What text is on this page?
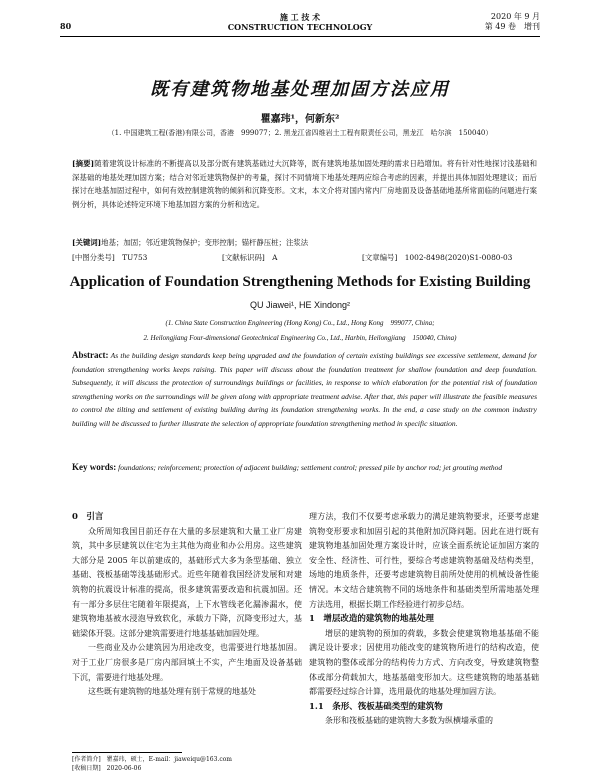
80
施 工 技 术
CONSTRUCTION TECHNOLOGY
2020 年 9 月
第 49 卷　增刊
既有建筑物地基处理加固方法应用
瞿嘉玮¹，何新东²
（1. 中国建筑工程(香港)有限公司，香港　999077；2. 黑龙江省四维岩土工程有限责任公司，黑龙江　哈尔滨　150040）
[摘要]随着建筑设计标准的不断提高以及部分既有建筑基础过大沉降等，既有建筑地基加固处理的需求日趋增加。将有针对性地探讨浅基础和深基础的地基处理加固方案；结合对邻近建筑物保护的考量，探讨不同情境下地基处理两应综合考虑的因素，并提出具体加固处理建议；而后探讨在地基加固过程中，如何有效控制建筑物的倾斜和沉降变形。文末，本文介将对国内常内厂房地面及设备基础地基所常面临的问题进行案例分析，具体论述特定环境下地基加固方案的分析和选定。
[关键词]地基；加固；邻近建筑物保护；变形控制；锚杆静压桩；注浆法
[中图分类号]　TU753	[文献标识码]　A	[文章编号]　1002-8498(2020)S1-0080-03
Application of Foundation Strengthening Methods for Existing Building
QU Jiawei¹, HE Xindong²
(1. China State Construction Engineering (Hong Kong) Co., Ltd., Hong Kong　999077, China;
2. Heilongjiang Four-dimensional Geotechnical Engineering Co., Ltd., Harbin, Heilongjiang　150040, China)
Abstract: As the building design standards keep being upgraded and the foundation of certain existing buildings see excessive settlement, demand for foundation strengthening works keeps raising. This paper will discuss about the foundation treatment for shallow foundation and deep foundation. Subsequently, it will discuss the protection of surroundings buildings or facilities, in response to which elaboration for the potential risk of foundation strengthening works on the surroundings will be given along with appropriate treatment advise. After that, this paper will illustrate the feasible measures to control the tilting and settlement of existing building during its foundation strengthening works. In the end, a case study on the common industry building will be discussed to further illustrate the selection of appropriate foundation strengthening method in specific situation.
Key words: foundations; reinforcement; protection of adjacent building; settlement control; pressed pile by anchor rod; jet grouting method

0　引言

众所周知我国目前还存在大量的多层建筑和大量工业厂房建筑，其中多层建筑以住宅为主其他为商业和办公用房。这些建筑大部分是 2005 年以前建成的，基础形式大多为条型基础、独立基础、筏板基础等浅基础形式。近些年随着我国经济发展和对建筑物的抗震设计标准的提高，很多建筑需要改造和抗震加固。还有一部分多层住宅随着年限提高，上下水管线老化漏渗漏水，使建筑物地基被水浸泡导致软化，承载力下降，沉降变形过大，基础梁体开裂。这部分建筑需要进行地基基础加固处理。

一些商业及办公建筑因为用途改变，也需要进行地基加固。对于工业厂房很多是厂房内部回填土不实，产生地面及设备基础下沉，需要进行地基处理。

这些既有建筑物的地基处理有别于常规的地基处

理方法，我们不仅要考虑承载力的满足建筑物要求，还要考虑建筑物变形要求和加固引起的其他附加沉降问题。因此在进行既有建筑物地基加固处理方案设计时，应该全面系统论证加固方案的安全性、经济性、可行性，要综合考虑建筑物基础及结构类型，场地的地质条件，还要考虑建筑物目前所处使用的机械设备性能情况。本文结合建筑物不同的场地条件和基础类型所需地基处理方法选用，根据长期工作经验进行初步总结。

1　增层改造的建筑物的地基处理

增层的建筑物的预加的荷载，多数会使建筑物地基基础不能满足设计要求；因使用功能改变的建筑物所进行的结构改造，使建筑物的整体或部分的结构传力方式、方向改变，导致建筑物整体或部分荷载加大，地基基础变形加大。这些建筑物的地基基础都需要经过综合计算，选用最优的地基处理加固方法。

1.1　条形、筏板基础类型的建筑物

条形和筏板基础的建筑物大多数为纵横墙承重的

[作者简介]　瞿嘉玮，硕士，E-mail：jiaweiqu@163.com
[收稿日期]　2020-06-06
